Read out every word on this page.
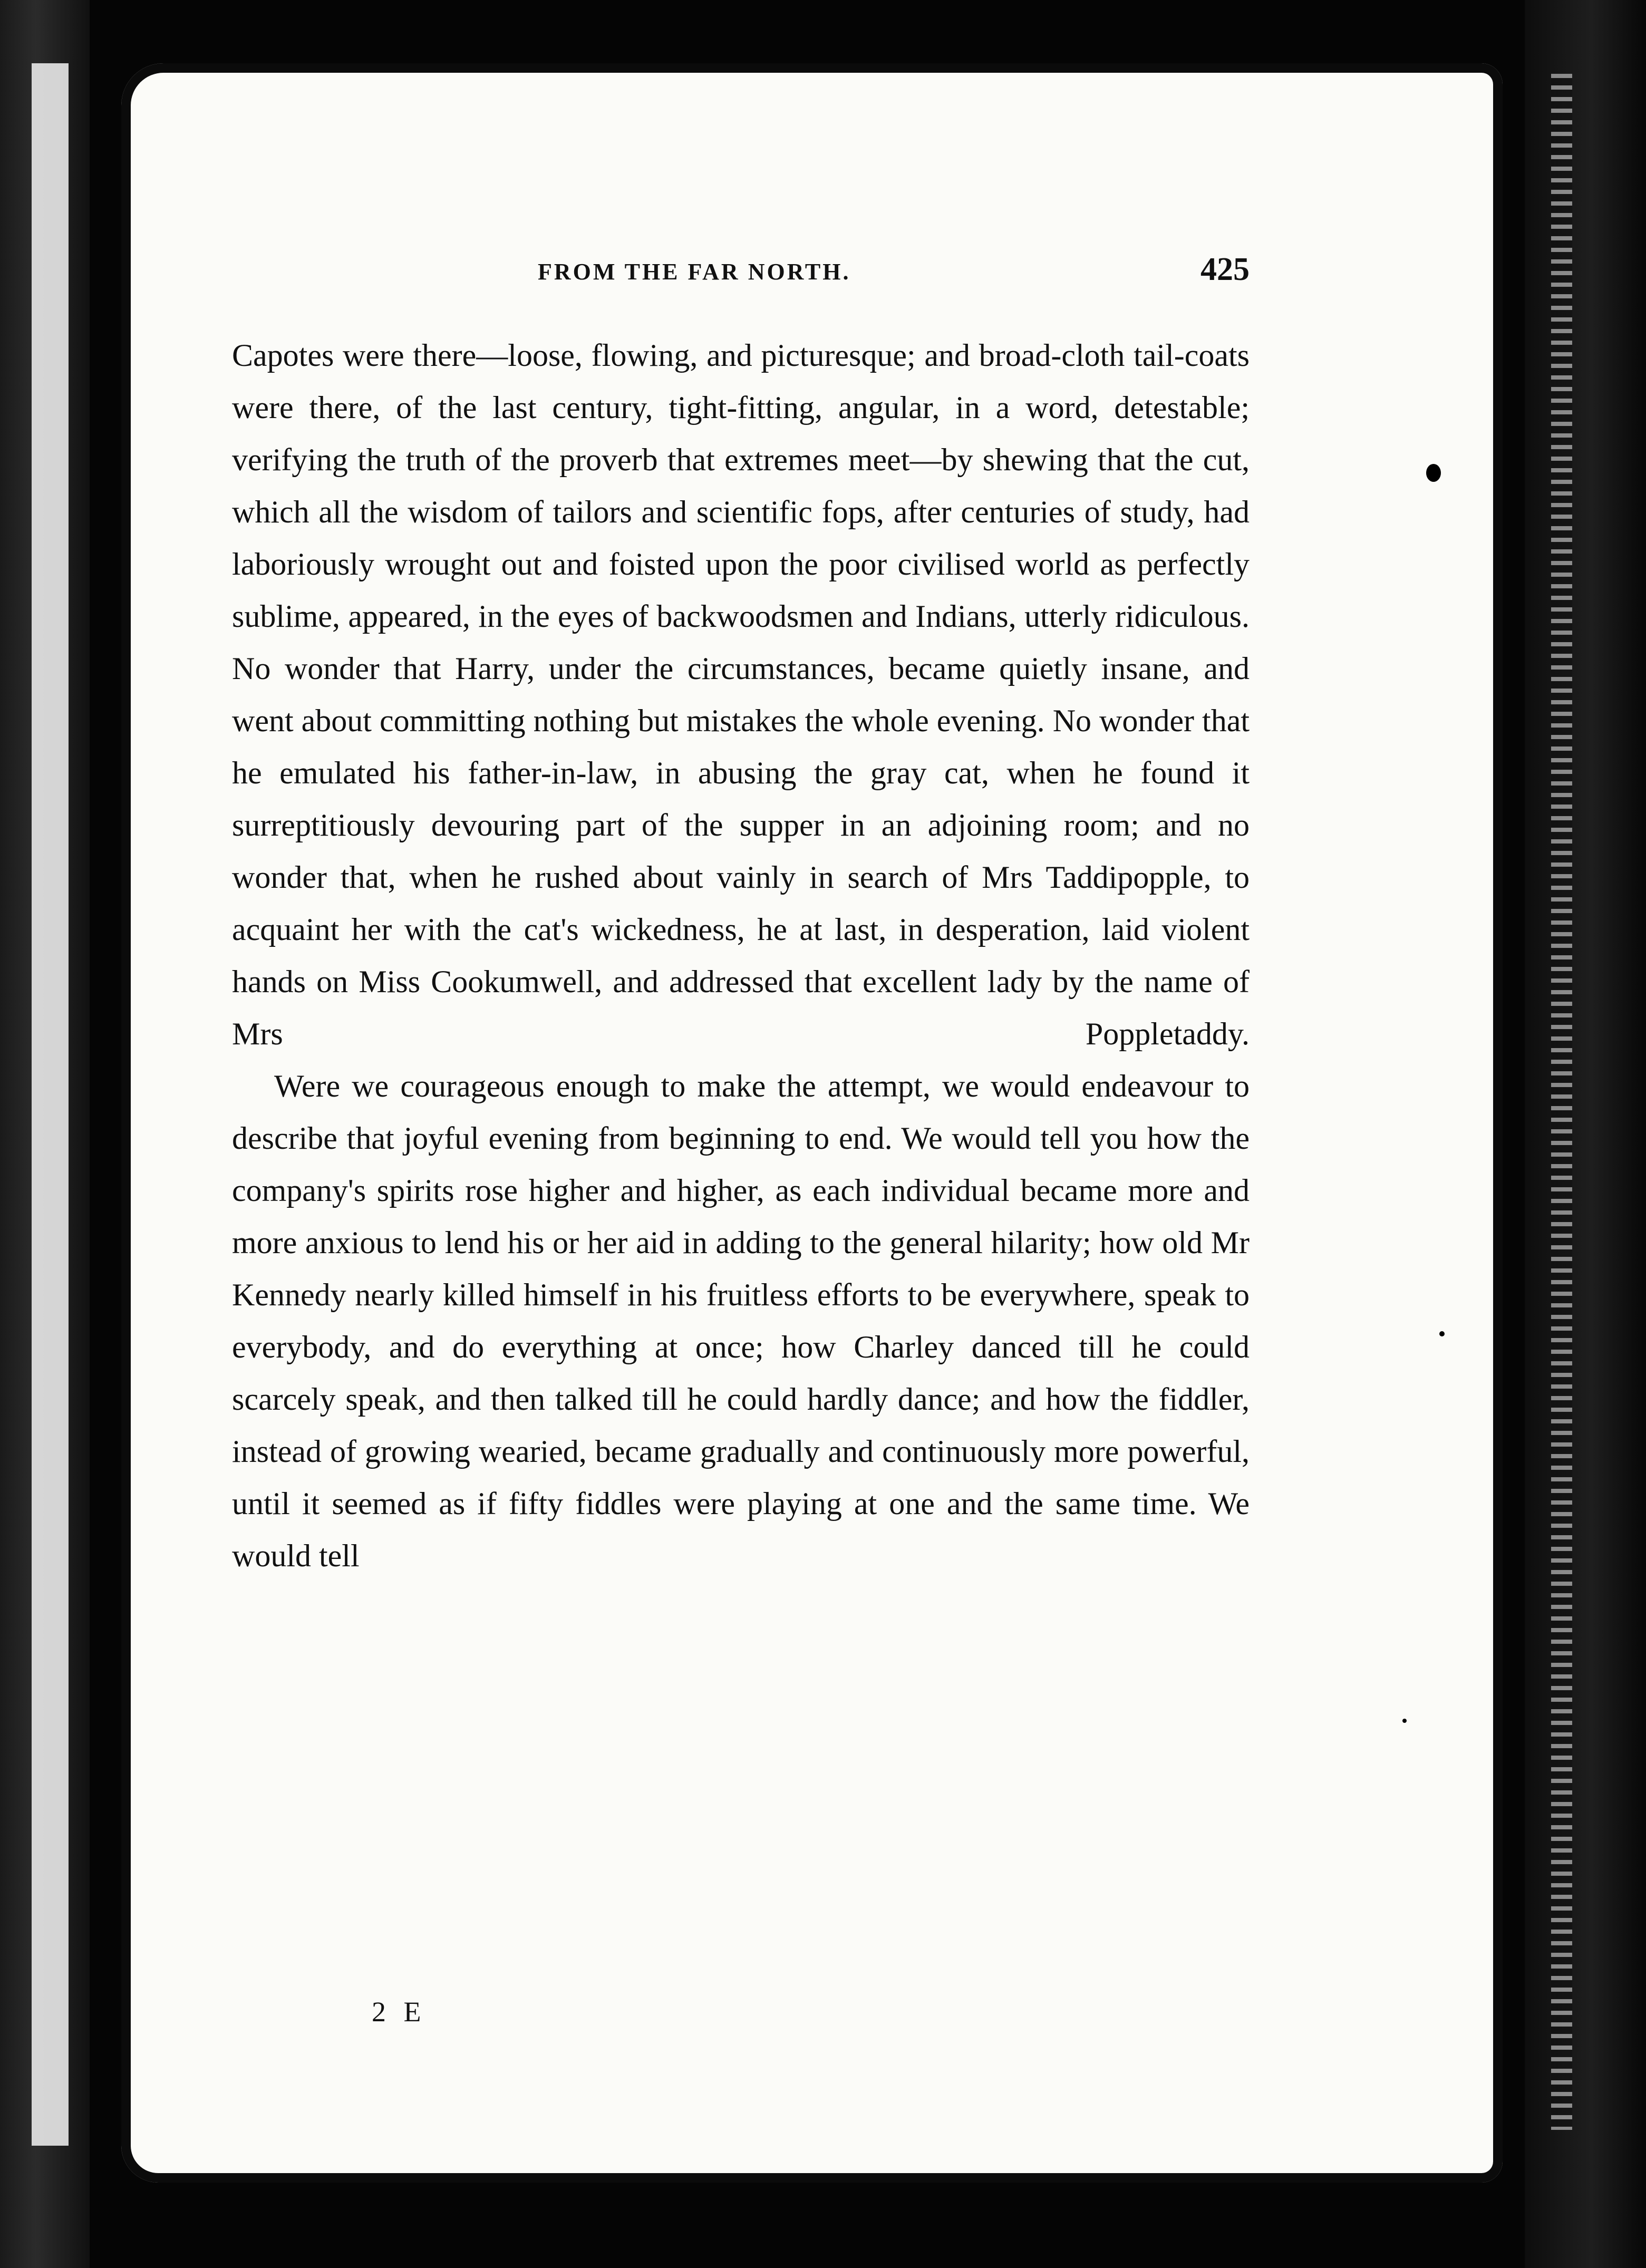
FROM THE FAR NORTH.	425

Capotes were there—loose, flowing, and picturesque; and broad-cloth tail-coats were there, of the last century, tight-fitting, angular, in a word, detestable; verifying the truth of the proverb that extremes meet—by shewing that the cut, which all the wisdom of tailors and scientific fops, after centuries of study, had laboriously wrought out and foisted upon the poor civilised world as perfectly sublime, appeared, in the eyes of backwoodsmen and Indians, utterly ridiculous. No wonder that Harry, under the circumstances, became quietly insane, and went about committing nothing but mistakes the whole evening. No wonder that he emulated his father-in-law, in abusing the gray cat, when he found it surreptitiously devouring part of the supper in an adjoining room; and no wonder that, when he rushed about vainly in search of Mrs Taddipopple, to acquaint her with the cat's wickedness, he at last, in desperation, laid violent hands on Miss Cookumwell, and addressed that excellent lady by the name of Mrs Poppletaddy.

Were we courageous enough to make the attempt, we would endeavour to describe that joyful evening from beginning to end. We would tell you how the company's spirits rose higher and higher, as each individual became more and more anxious to lend his or her aid in adding to the general hilarity; how old Mr Kennedy nearly killed himself in his fruitless efforts to be everywhere, speak to everybody, and do everything at once; how Charley danced till he could scarcely speak, and then talked till he could hardly dance; and how the fiddler, instead of growing wearied, became gradually and continuously more powerful, until it seemed as if fifty fiddles were playing at one and the same time. We would tell

2 E
